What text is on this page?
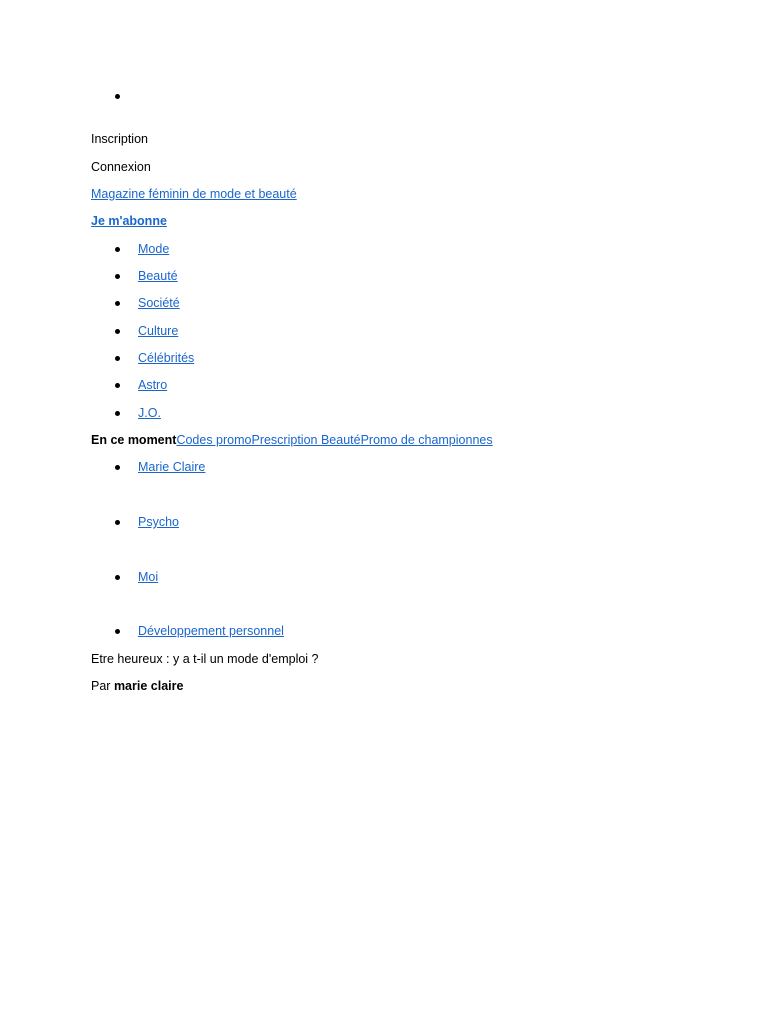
Inscription
Connexion
Magazine féminin de mode et beauté
Je m'abonne
Mode
Beauté
Société
Culture
Célébrités
Astro
J.O.
En ce momentCodes promoPrescription BeautéPromo de championnes
Marie Claire
Psycho
Moi
Développement personnel
Etre heureux : y a t-il un mode d'emploi ?
Par marie claire
